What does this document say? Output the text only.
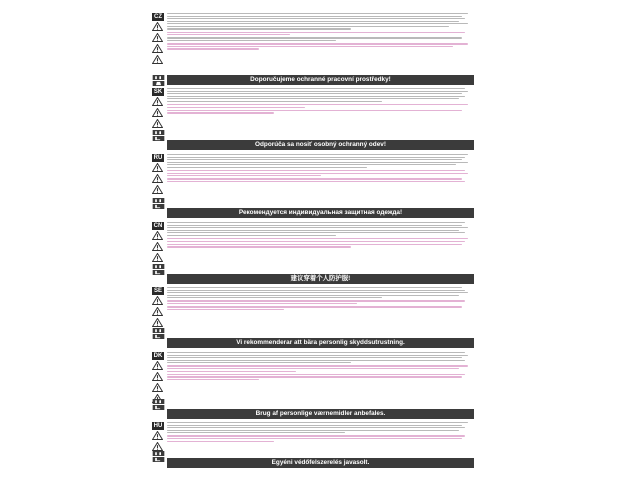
CZ
Doporučujeme ochranné pracovní prostředky!
SK
Odporúča sa nosiť osobný ochranný odev!
RU
Рекомендуется индивидуальная защитная одежда!
CN
建议穿着个人防护服!
SE
Vi rekommenderar att bära personlig skyddsutrustning.
DK
Brug af personlige værnemidler anbefales.
HU
Egyéni védőfelszerelés javasolt.
